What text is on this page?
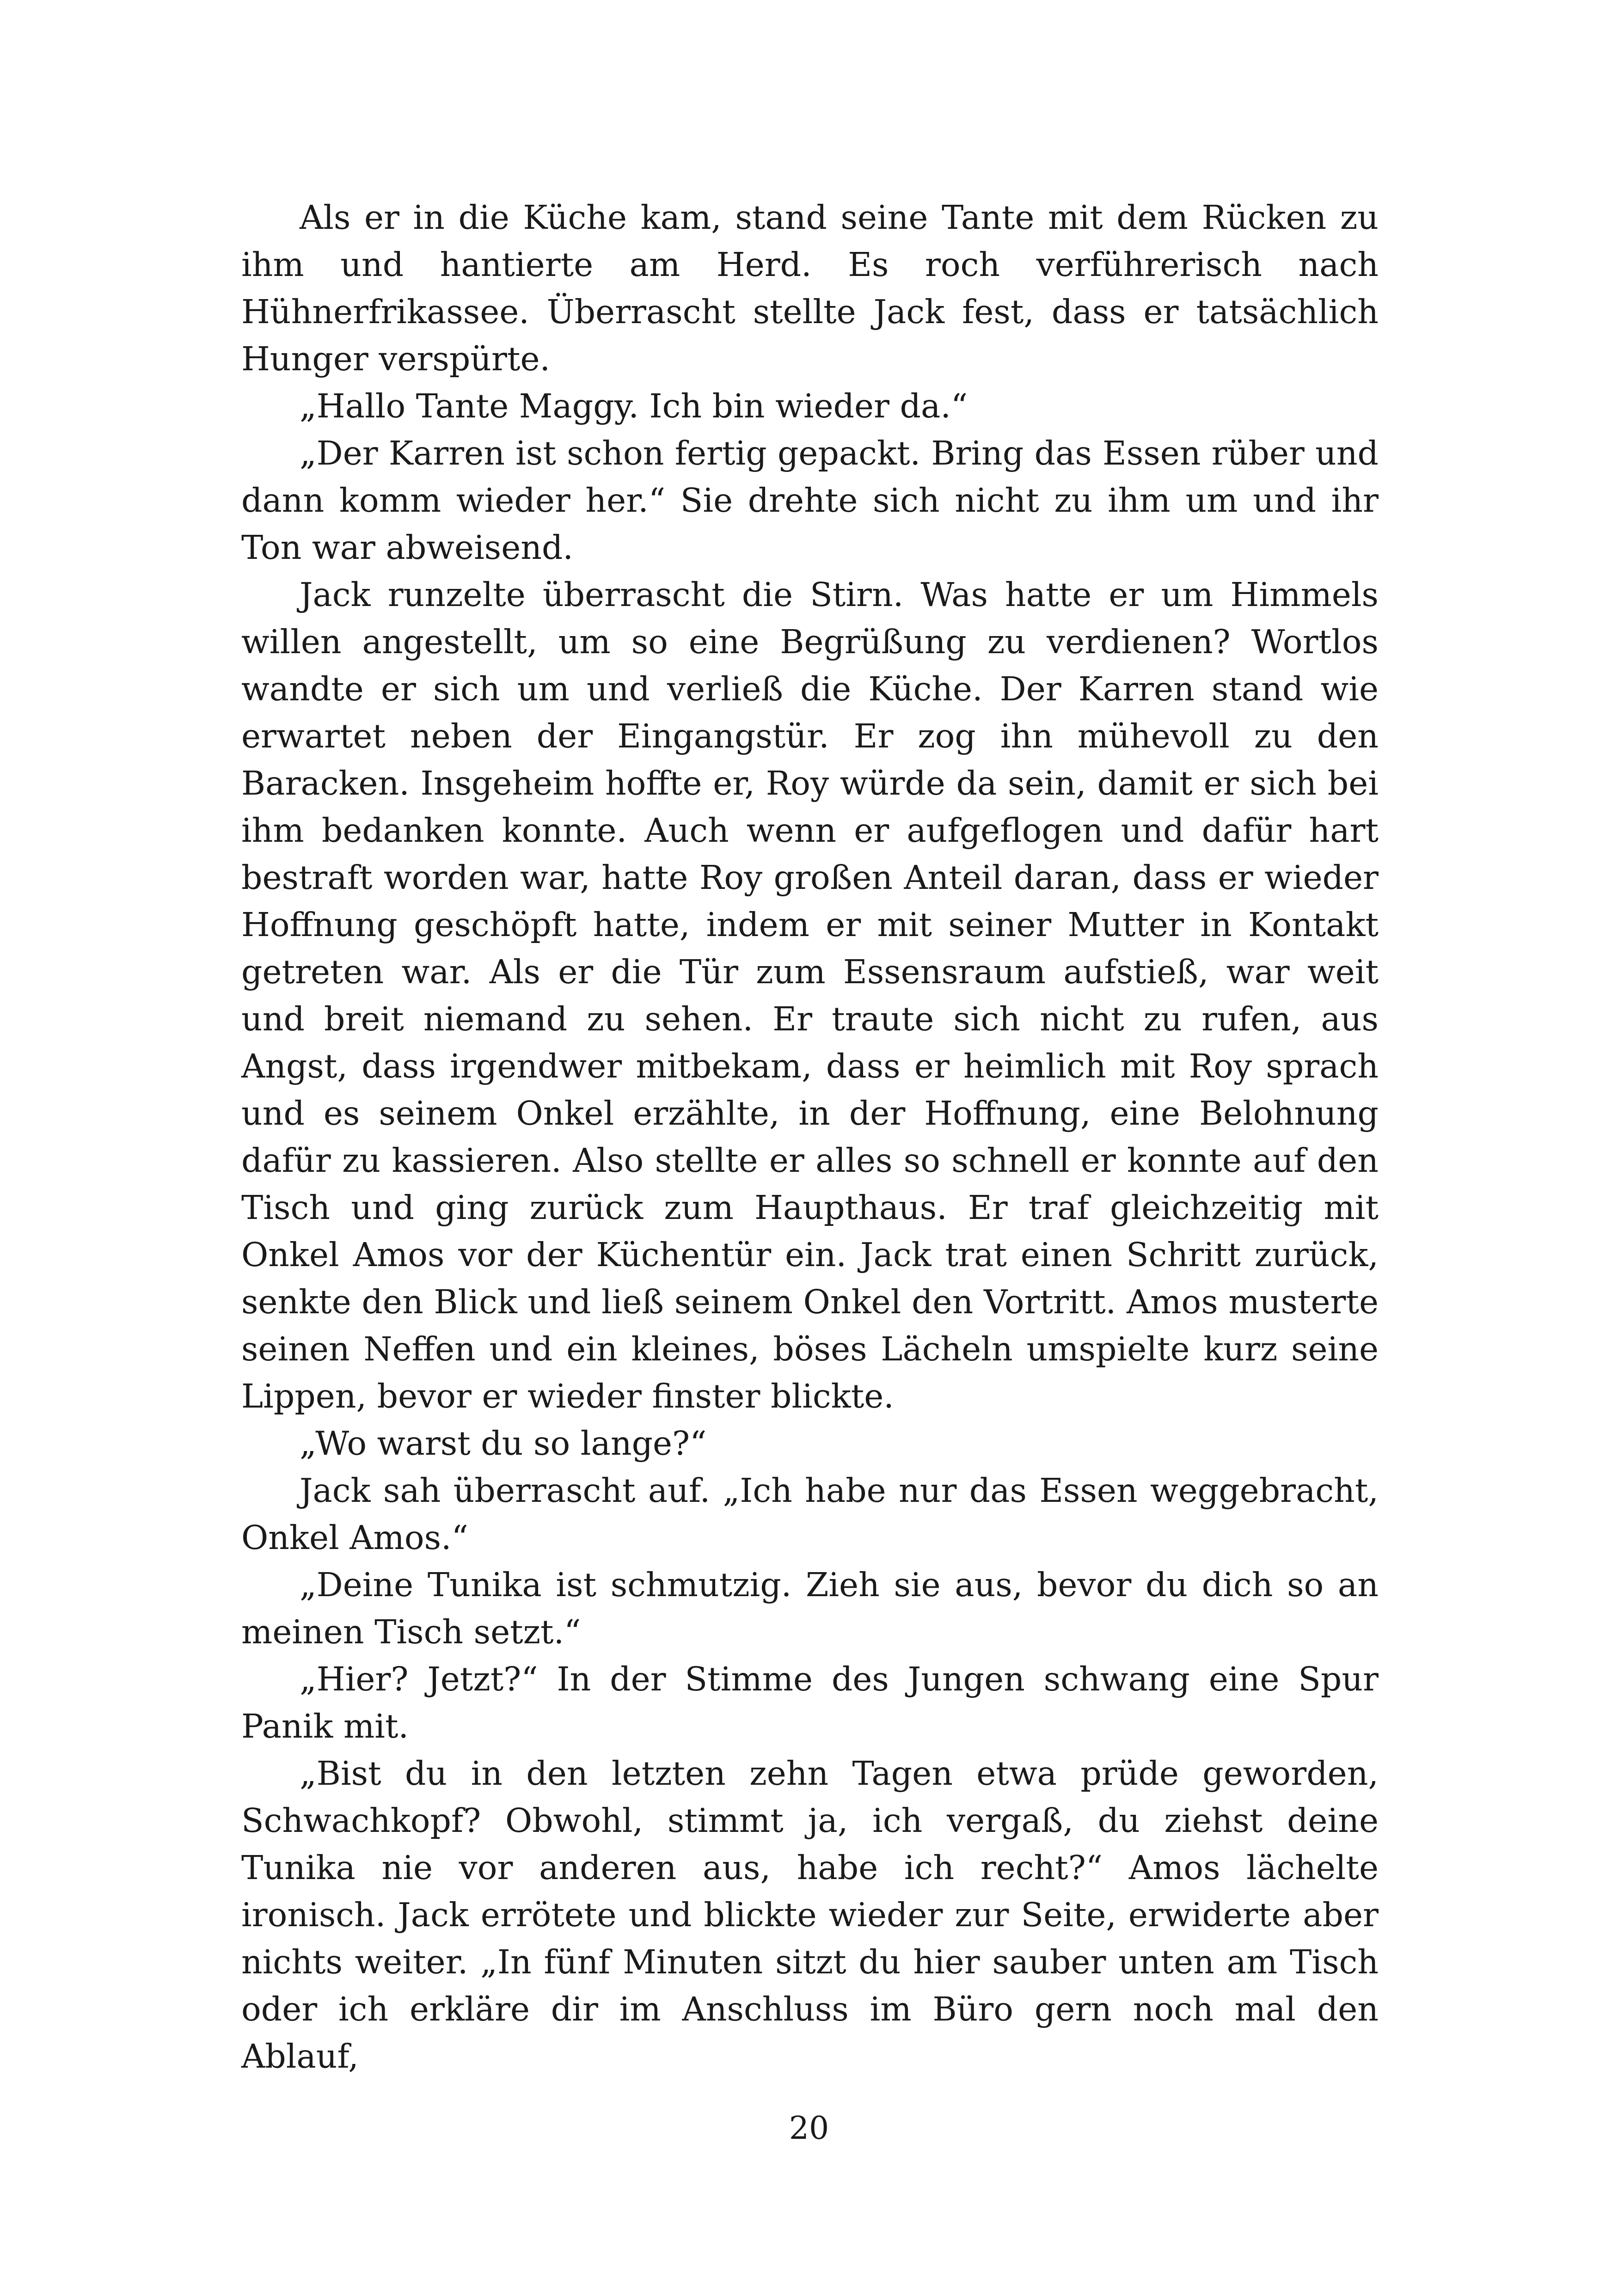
Als er in die Küche kam, stand seine Tante mit dem Rücken zu ihm und hantierte am Herd. Es roch verführerisch nach Hühnerfrikassee. Überrascht stellte Jack fest, dass er tatsächlich Hunger verspürte.

„Hallo Tante Maggy. Ich bin wieder da.“

„Der Karren ist schon fertig gepackt. Bring das Essen rüber und dann komm wieder her.“ Sie drehte sich nicht zu ihm um und ihr Ton war abweisend.

Jack runzelte überrascht die Stirn. Was hatte er um Himmels willen angestellt, um so eine Begrüßung zu verdienen? Wortlos wandte er sich um und verließ die Küche. Der Karren stand wie erwartet neben der Eingangstür. Er zog ihn mühevoll zu den Baracken. Insgeheim hoffte er, Roy würde da sein, damit er sich bei ihm bedanken konnte. Auch wenn er aufgeflogen und dafür hart bestraft worden war, hatte Roy großen Anteil daran, dass er wieder Hoffnung geschöpft hatte, indem er mit seiner Mutter in Kontakt getreten war. Als er die Tür zum Essensraum aufstieß, war weit und breit niemand zu sehen. Er traute sich nicht zu rufen, aus Angst, dass irgendwer mitbekam, dass er heimlich mit Roy sprach und es seinem Onkel erzählte, in der Hoffnung, eine Belohnung dafür zu kassieren. Also stellte er alles so schnell er konnte auf den Tisch und ging zurück zum Haupthaus. Er traf gleichzeitig mit Onkel Amos vor der Küchentür ein. Jack trat einen Schritt zurück, senkte den Blick und ließ seinem Onkel den Vortritt. Amos musterte seinen Neffen und ein kleines, böses Lächeln umspielte kurz seine Lippen, bevor er wieder finster blickte.

„Wo warst du so lange?“

Jack sah überrascht auf. „Ich habe nur das Essen weggebracht, Onkel Amos.“

„Deine Tunika ist schmutzig. Zieh sie aus, bevor du dich so an meinen Tisch setzt.“

„Hier? Jetzt?“ In der Stimme des Jungen schwang eine Spur Panik mit.

„Bist du in den letzten zehn Tagen etwa prüde geworden, Schwachkopf? Obwohl, stimmt ja, ich vergaß, du ziehst deine Tunika nie vor anderen aus, habe ich recht?“ Amos lächelte ironisch. Jack errötete und blickte wieder zur Seite, erwiderte aber nichts weiter. „In fünf Minuten sitzt du hier sauber unten am Tisch oder ich erkläre dir im Anschluss im Büro gern noch mal den Ablauf,

20
